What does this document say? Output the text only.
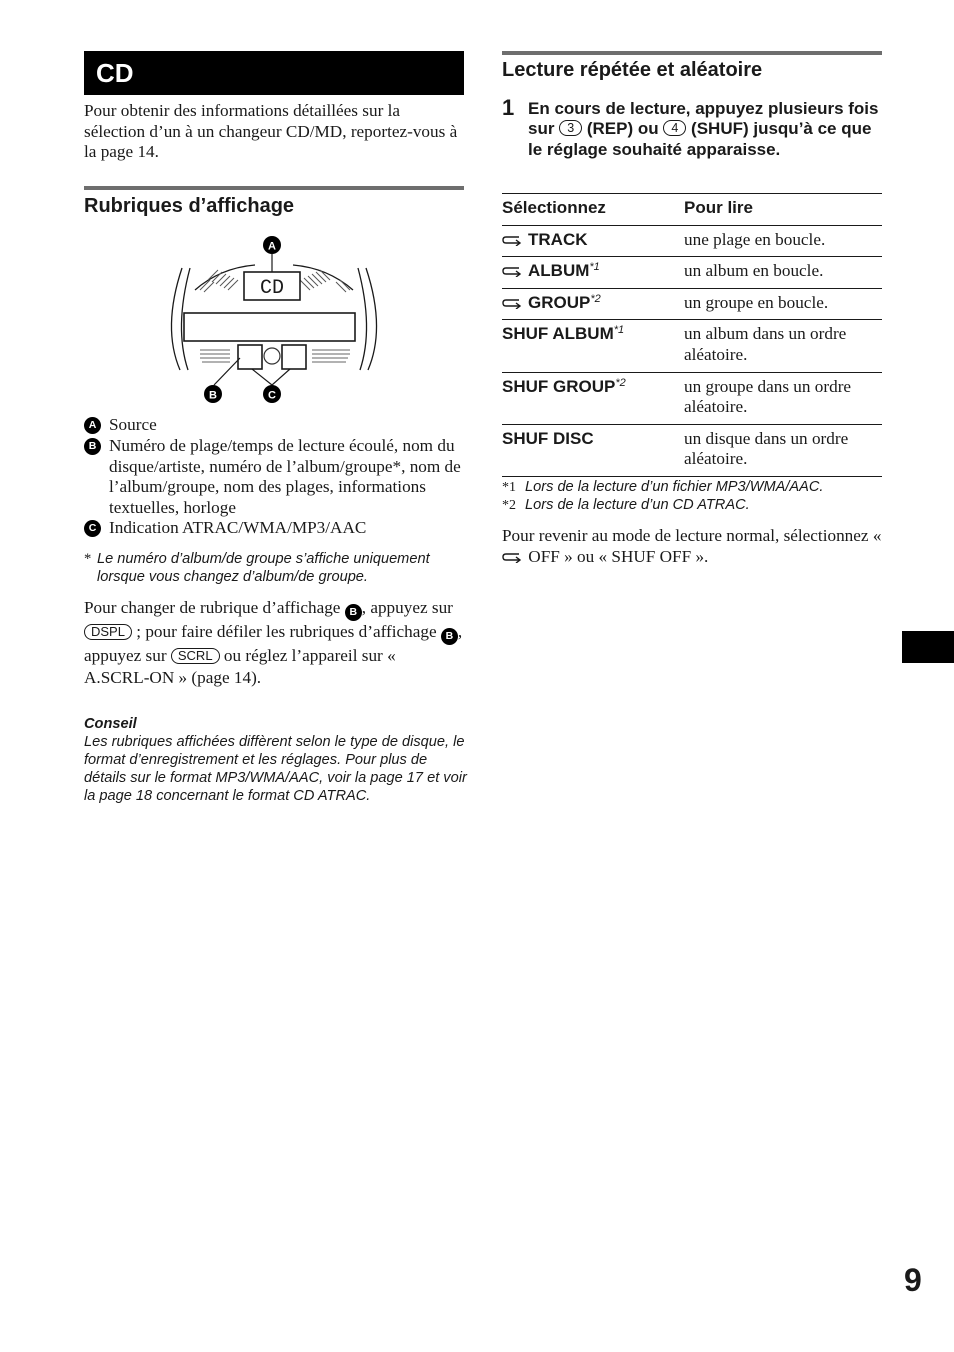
CD
Pour obtenir des informations détaillées sur la sélection d’un à un changeur CD/MD, reportez-vous à la page 14.
Rubriques d’affichage
CD
A
B	C
A Source
B Numéro de plage/temps de lecture écoulé, nom du disque/artiste, numéro de l’album/groupe*, nom de l’album/groupe, nom des plages, informations textuelles, horloge
C Indication ATRAC/WMA/MP3/AAC
* Le numéro d’album/de groupe s’affiche uniquement lorsque vous changez d’album/de groupe.
Pour changer de rubrique d’affichage B , appuyez sur DSPL ; pour faire défiler les rubriques d’affichage B , appuyez sur SCRL ou réglez l’appareil sur « A.SCRL-ON » (page 14).
Conseil
Les rubriques affichées diffèrent selon le type de disque, le format d’enregistrement et les réglages. Pour plus de détails sur le format MP3/WMA/AAC, voir la page 17 et voir la page 18 concernant le format CD ATRAC.
Lecture répétée et aléatoire
1 En cours de lecture, appuyez plusieurs fois sur 3 (REP) ou 4 (SHUF) jusqu’à ce que le réglage souhaité apparaisse.
Sélectionnez	Pour lire
TRACK	une plage en boucle.
ALBUM$^{*1}$	un album en boucle.
GROUP$^{*2}$	un groupe en boucle.
SHUF ALBUM$^{*1}$	un album dans un ordre aléatoire.
SHUF GROUP$^{*2}$	un groupe dans un ordre aléatoire.
SHUF DISC	un disque dans un ordre aléatoire.
*1 Lors de la lecture d’un fichier MP3/WMA/AAC.
*2 Lors de la lecture d’un CD ATRAC.
Pour revenir au mode de lecture normal, sélectionnez «  OFF » ou « SHUF OFF ».
9
